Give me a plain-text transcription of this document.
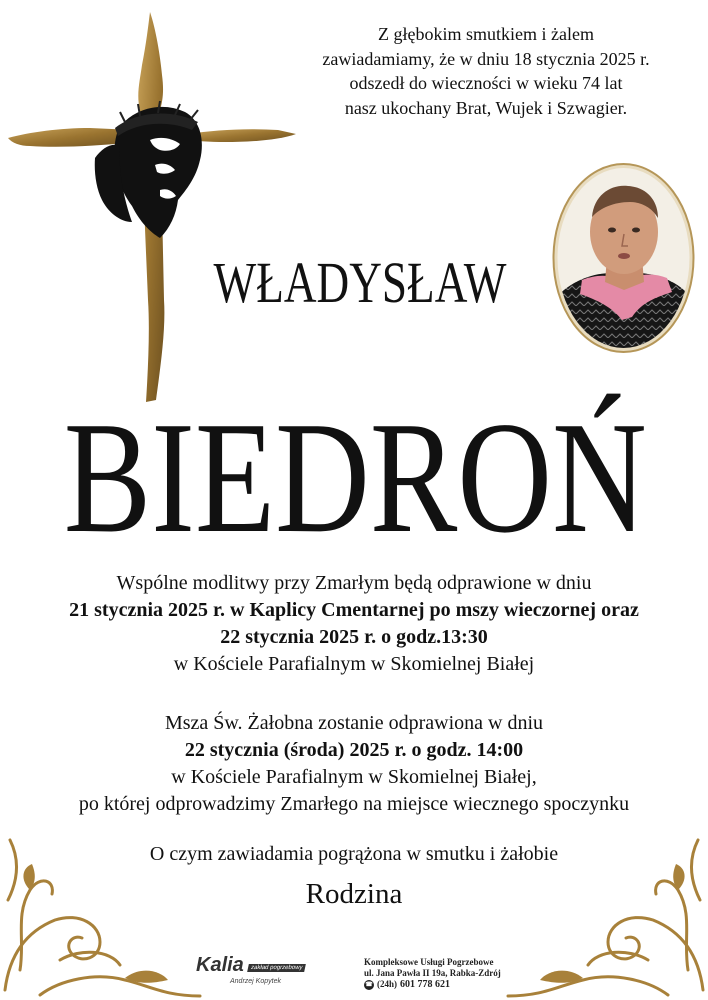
Z głębokim smutkiem i żalem
zawiadamiamy, że w dniu 18 stycznia 2025 r.
odszedł do wieczności w wieku 74 lat
nasz ukochany Brat, Wujek i Szwagier.
WŁADYSŁAW
BIEDROŃ
Wspólne modlitwy przy Zmarłym będą odprawione w dniu
21 stycznia 2025 r. w Kaplicy Cmentarnej po mszy wieczornej oraz
22 stycznia 2025 r. o godz.13:30
w Kościele Parafialnym w Skomielnej Białej
Msza Św. Żałobna zostanie odprawiona w dniu
22 stycznia (środa) 2025 r. o godz. 14:00
w Kościele Parafialnym w Skomielnej Białej,
po której odprowadzimy Zmarłego na miejsce wiecznego spoczynku
O czym zawiadamia pogrążona w smutku i żałobie
Rodzina
Kalia	zakład pogrzebowy
Andrzej Kopytek
Kompleksowe Usługi Pogrzebowe
ul. Jana Pawła II 19a, Rabka-Zdrój
☎ (24h) 601 778 621
